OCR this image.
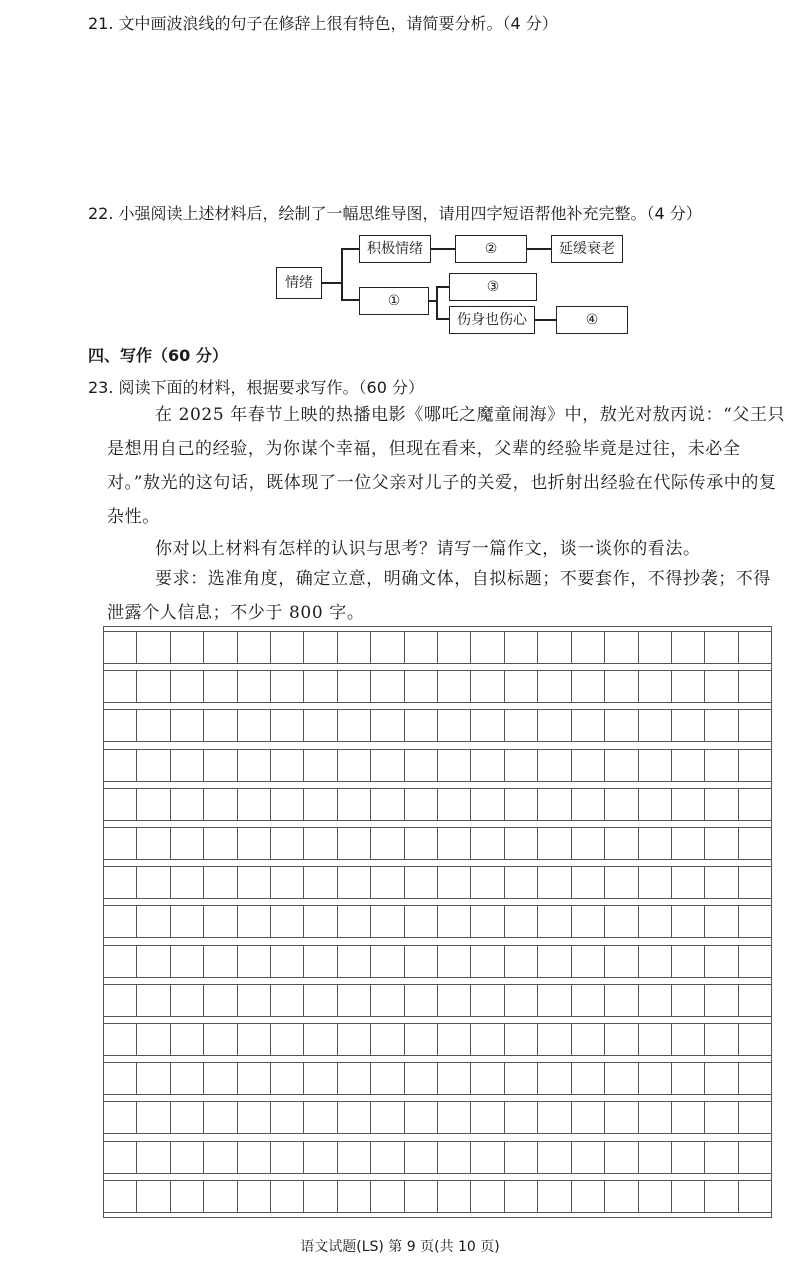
21. 文中画波浪线的句子在修辞上很有特色，请简要分析。（4 分）
22. 小强阅读上述材料后，绘制了一幅思维导图，请用四字短语帮他补充完整。（4 分）
情绪
积极情绪	②	延缓衰老
①
③
伤身也伤心	④
四、写作（60 分）
23. 阅读下面的材料，根据要求写作。（60 分）
在 2025 年春节上映的热播电影《哪吒之魔童闹海》中，敖光对敖丙说：“父王只是想用自己的经验，为你谋个幸福，但现在看来，父辈的经验毕竟是过往，未必全对。”敖光的这句话，既体现了一位父亲对儿子的关爱，也折射出经验在代际传承中的复杂性。
你对以上材料有怎样的认识与思考？请写一篇作文，谈一谈你的看法。
要求：选准角度，确定立意，明确文体，自拟标题；不要套作，不得抄袭；不得泄露个人信息；不少于 800 字。
语文试题(LS) 第 9 页(共 10 页)
